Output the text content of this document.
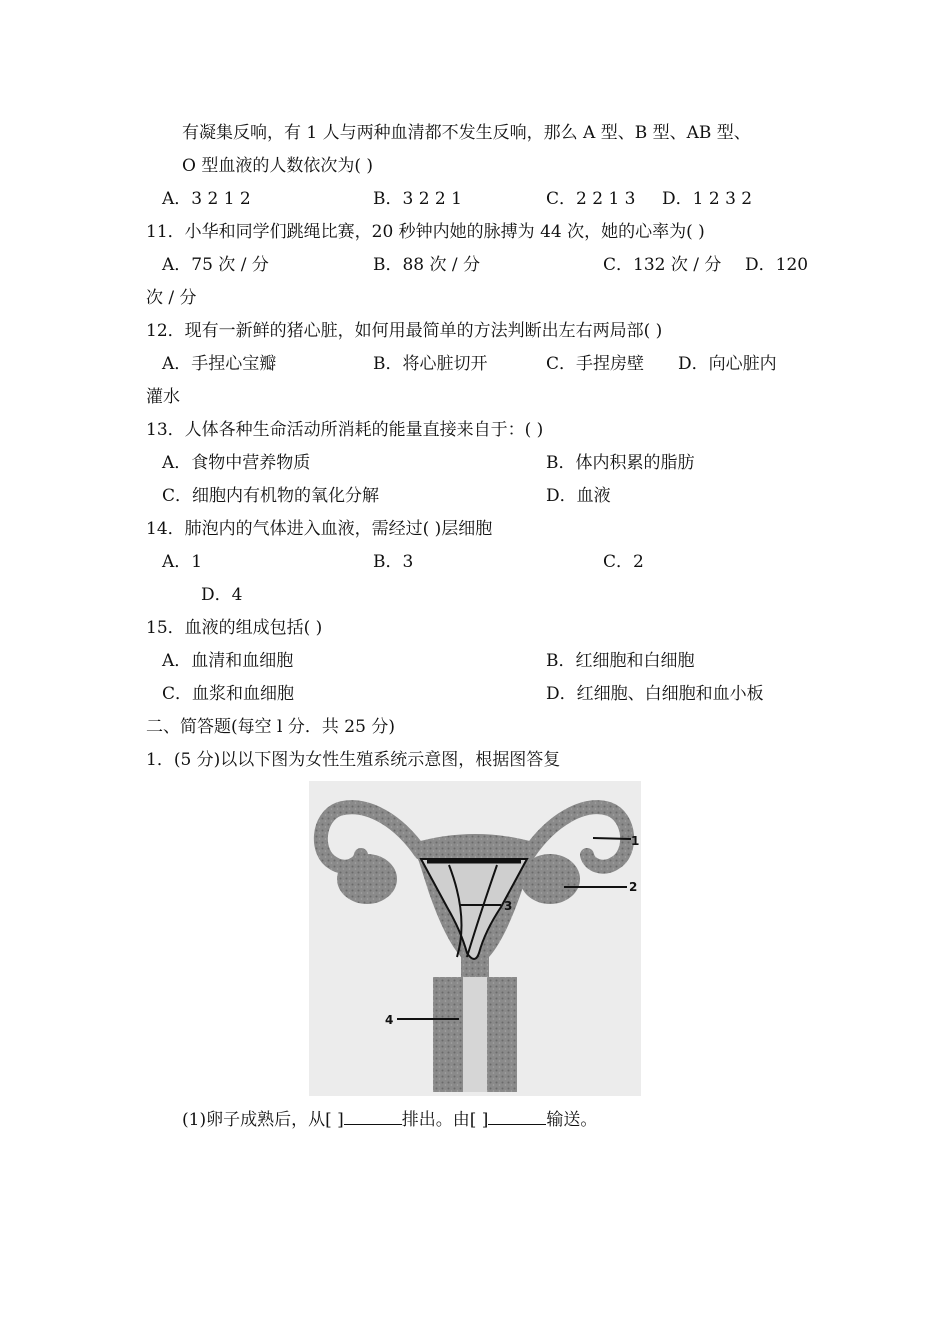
有凝集反响，有 1 人与两种血清都不发生反响，那么 A 型、B 型、AB 型、
O 型血液的人数依次为( )
A．3 2 1 2	B．3 2 2 1	C．2 2 1 3 D．1 2 3 2
11．小华和同学们跳绳比赛，20 秒钟内她的脉搏为 44 次，她的心率为( )
A．75 次 / 分	B．88 次 / 分	C．132 次 / 分 D．120
次 / 分
12．现有一新鲜的猪心脏，如何用最简单的方法判断出左右两局部( )
A．手捏心宝瓣	B．将心脏切开	C．手捏房壁 D．向心脏内
灌水
13．人体各种生命活动所消耗的能量直接来自于：( )
A．食物中营养物质	B．体内积累的脂肪
C．细胞内有机物的氧化分解	D．血液
14．肺泡内的气体进入血液，需经过( )层细胞
A．1	B．3	C．2
D．4
15．血液的组成包括( )
A．血清和血细胞	B．红细胞和白细胞
C．血浆和血细胞	D．红细胞、白细胞和血小板
二、简答题(每空 l 分．共 25 分)
1．(5 分)以以下图为女性生殖系统示意图，根据图答复
1
2
3
4
(1)卵子成熟后，从[ ]	排出。由[ ]	输送。
